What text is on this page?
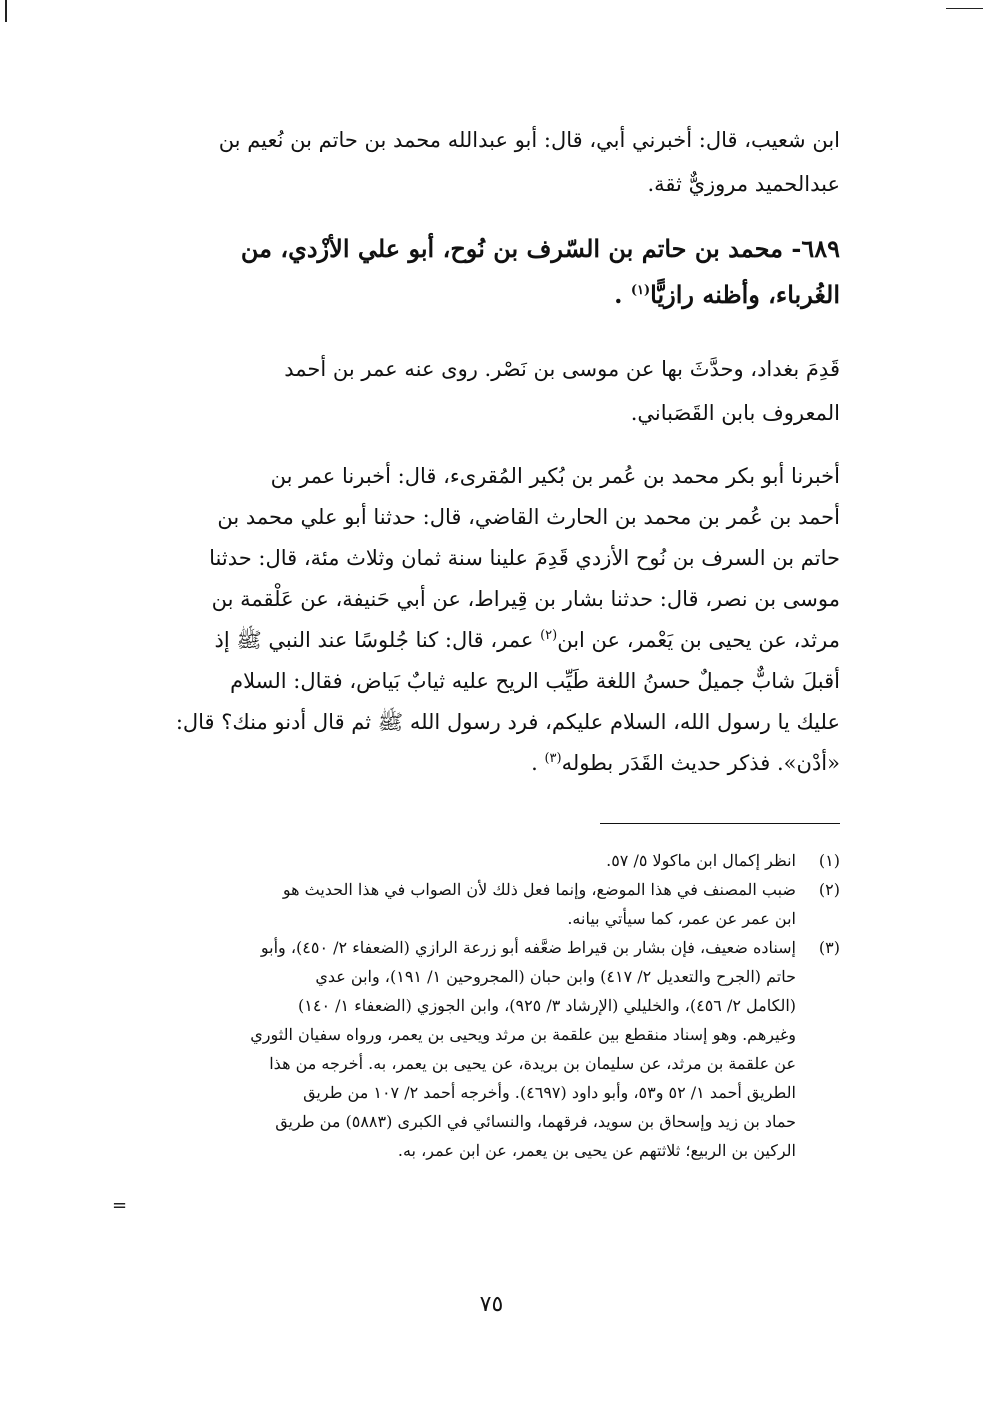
ابن شعيب، قال: أخبرني أبي، قال: أبو عبدالله محمد بن حاتم بن نُعيم بن
عبدالحميد مروزيٌّ ثقة.
٦٨٩- محمد بن حاتم بن السّرف بن نُوح، أبو علي الأزْدي، من
الغُرباء، وأظنه رازيًّا$^{(١)}$ .
قَدِمَ بغداد، وحدَّثَ بها عن موسى بن نَصْر. روى عنه عمر بن أحمد
المعروف بابن القَصَباني.
أخبرنا أبو بكر محمد بن عُمر بن بُكير المُقرىء، قال: أخبرنا عمر بن
أحمد بن عُمر بن محمد بن الحارث القاضي، قال: حدثنا أبو علي محمد بن
حاتم بن السرف بن نُوح الأزدي قَدِمَ علينا سنة ثمان وثلاث مئة، قال: حدثنا
موسى بن نصر، قال: حدثنا بشار بن قِيراط، عن أبي حَنيفة، عن عَلْقمة بن
مرثد، عن يحيى بن يَعْمر، عن ابن$^{(٢)}$ عمر، قال: كنا جُلوسًا عند النبي ﷺ إذ
أقبلَ شابٌّ جميلٌ حسنُ اللغة طَيِّب الريح عليه ثيابٌ بَياض، فقال: السلام
عليك يا رسول الله، السلام عليكم، فرد رسول الله ﷺ ثم قال أدنو منك؟ قال:
«أدْن». فذكر حديث القَدَر بطوله$^{(٣)}$ .
(١)
انظر إكمال ابن ماكولا ٥/ ٥٧.
(٢)
ضبب المصنف في هذا الموضع، وإنما فعل ذلك لأن الصواب في هذا الحديث هو
ابن عمر عن عمر، كما سيأتي بيانه.
(٣)
إسناده ضعيف، فإن بشار بن قيراط ضعَّفه أبو زرعة الرازي (الضعفاء ٢/ ٤٥٠)، وأبو
حاتم (الجرح والتعديل ٢/ ٤١٧) وابن حبان (المجروحين ١/ ١٩١)، وابن عدي
(الكامل ٢/ ٤٥٦)، والخليلي (الإرشاد ٣/ ٩٢٥)، وابن الجوزي (الضعفاء ١/ ١٤٠)
وغيرهم. وهو إسناد منقطع بين علقمة بن مرثد ويحيى بن يعمر، ورواه سفيان الثوري
عن علقمة بن مرثد، عن سليمان بن بريدة، عن يحيى بن يعمر، به. أخرجه من هذا
الطريق أحمد ١/ ٥٢ و٥٣، وأبو داود (٤٦٩٧). وأخرجه أحمد ٢/ ١٠٧ من طريق
حماد بن زيد وإسحاق بن سويد، فرقهما، والنسائي في الكبرى (٥٨٨٣) من طريق
الركين بن الربيع؛ ثلاثتهم عن يحيى بن يعمر، عن ابن عمر، به.
=
٧٥
